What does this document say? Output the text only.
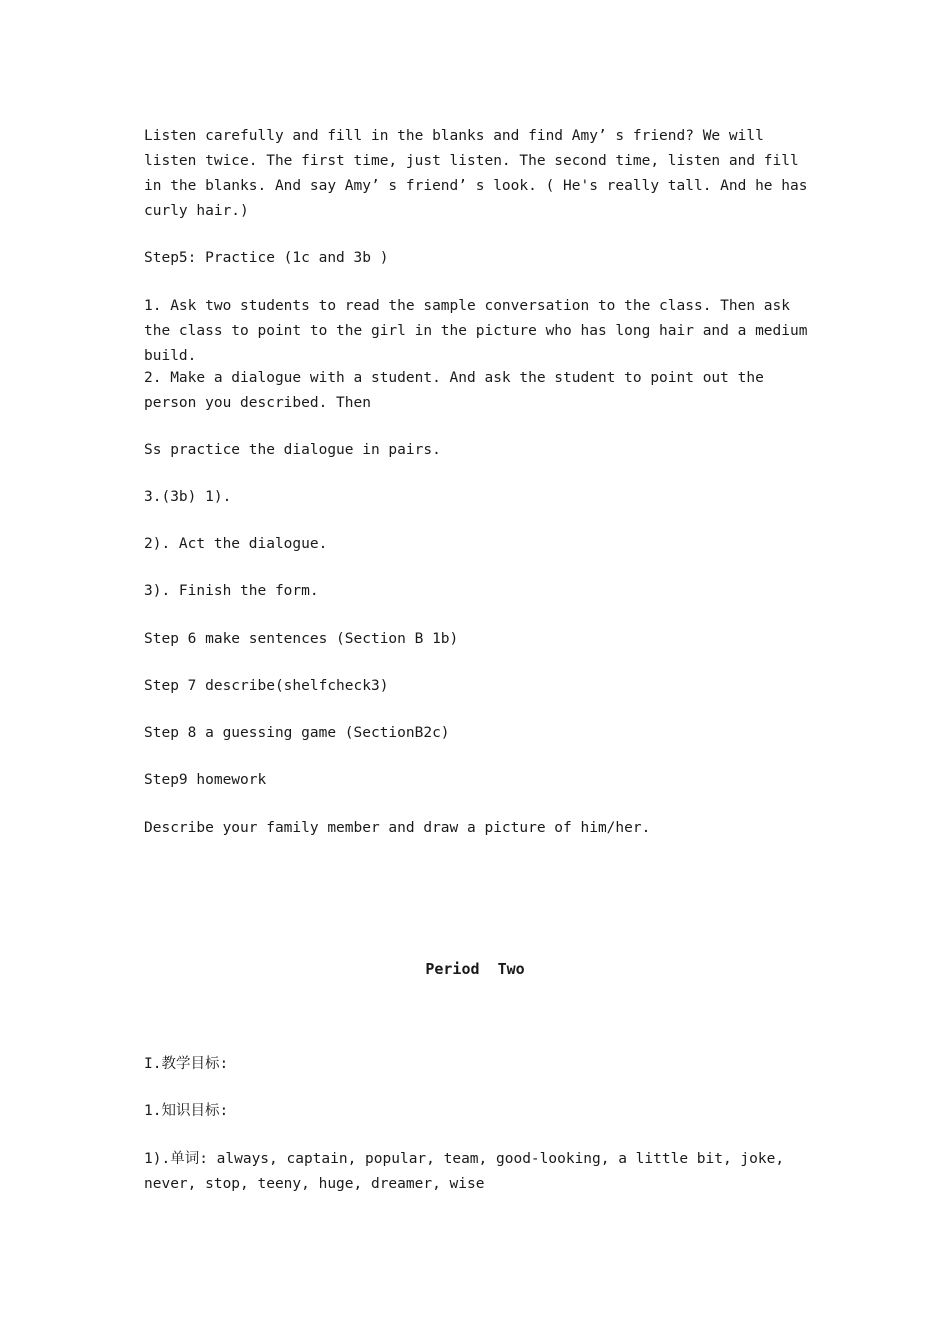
Listen carefully and fill in the blanks and find Amy’ s friend? We will listen twice. The first time, just listen. The second time, listen and fill in the blanks. And say Amy’ s friend’ s look. ( He's really tall. And he has curly hair.)

Step5: Practice (1c and 3b )

1. Ask two students to read the sample conversation to the class. Then ask the class to point to the girl in the picture who has long hair and a medium build.

2. Make a dialogue with a student. And ask the student to point out the person you described. Then

Ss practice the dialogue in pairs.

3.(3b) 1).

2). Act the dialogue.

3). Finish the form.

Step 6 make sentences (Section B 1b)

Step 7 describe(shelfcheck3)

Step 8 a guessing game (SectionB2c)

Step9 homework

Describe your family member and draw a picture of him/her.

Period  Two

I.教学目标:

1.知识目标:

1).单词: always, captain, popular, team, good-looking, a little bit, joke, never, stop, teeny, huge, dreamer, wise
